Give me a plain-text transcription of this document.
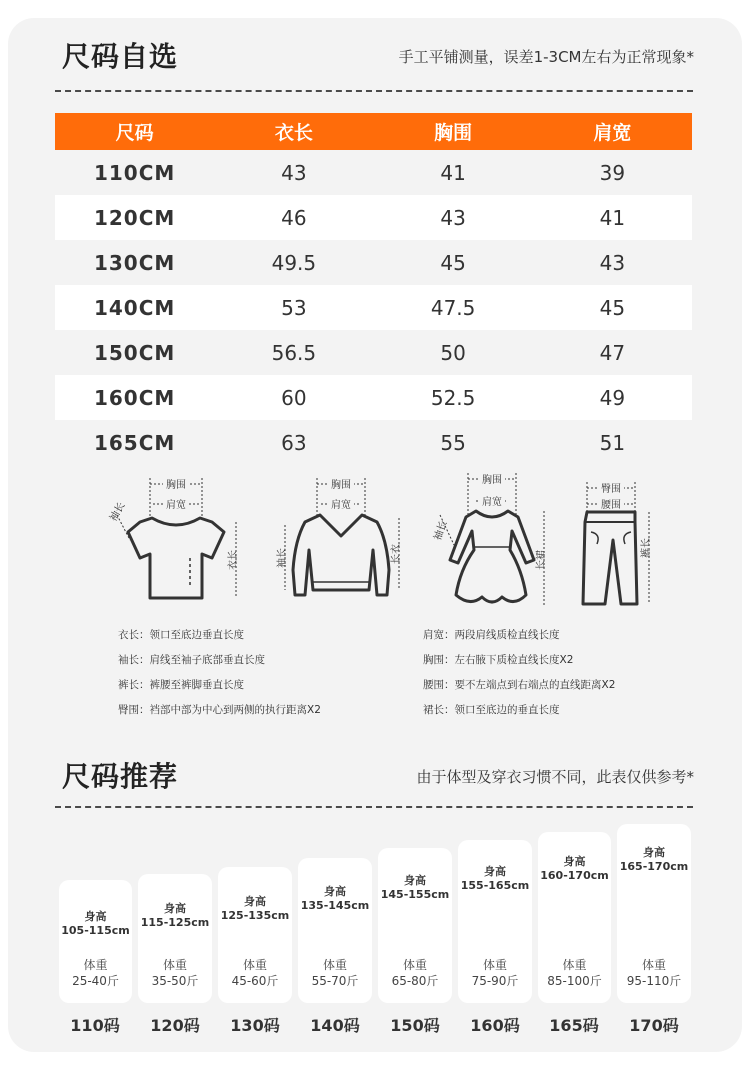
尺码自选	手工平铺测量，误差1-3CM左右为正常现象*
尺码	衣长	胸围	肩宽
110CM	43	41	39
120CM	46	43	41
130CM	49.5	45	43
140CM	53	47.5	45
150CM	56.5	50	47
160CM	60	52.5	49
165CM	63	55	51
胸围
肩宽
袖长
衣长
胸围
肩宽
袖长	长衣
胸围
肩宽
袖长
长裙
臀围
腰围
裤长
衣长：领口至底边垂直长度
袖长：肩线至袖子底部垂直长度
裤长：裤腰至裤脚垂直长度
臀围：裆部中部为中心到两侧的执行距离X2
肩宽：两段肩线质检直线长度
胸围：左右腋下质检直线长度X2
腰围：要不左端点到右端点的直线距离X2
裙长：领口至底边的垂直长度
尺码推荐	由于体型及穿衣习惯不同，此表仅供参考*
身高
105-115cm
体重
25-40斤
身高
115-125cm
体重
35-50斤
身高
125-135cm
体重
45-60斤
身高
135-145cm
体重
55-70斤
身高
145-155cm
体重
65-80斤
身高
155-165cm
体重
75-90斤
身高
160-170cm
体重
85-100斤
身高
165-170cm
体重
95-110斤
110码	120码	130码	140码	150码	160码	165码	170码
